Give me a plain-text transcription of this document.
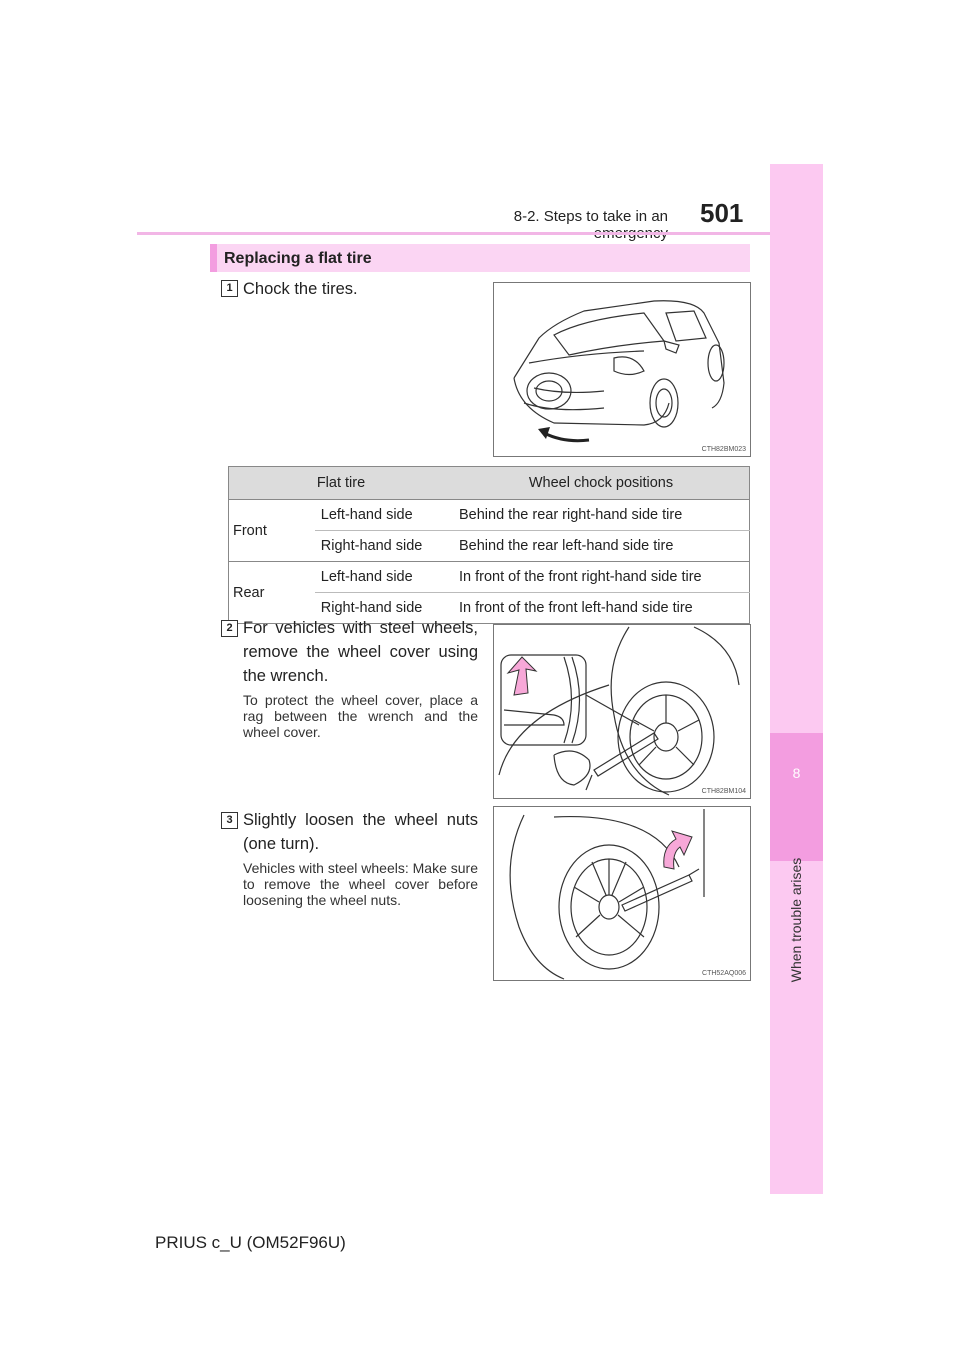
8-2. Steps to take in an 501
8
When trouble arises
Replacing a flat tire
1 Chock the tires.
CTH82BM023
Flat tire		Wheel chock positions
Front	Left-hand side	Behind the rear right-hand side tire
	Right-hand side	Behind the rear left-hand side tire
Rear	Left-hand side	In front of the front right-hand side tire
	Right-hand side	In front of the front left-hand side tire
2 For vehicles with steel wheels, remove the wheel cover using the wrench.
To protect the wheel cover, place a rag between the wrench and the wheel cover.
CTH82BM104
3 Slightly loosen the wheel nuts (one turn).
Vehicles with steel wheels: Make sure to remove the wheel cover before loosening the wheel nuts.
CTH52AQ006
PRIUS c_U (OM52F96U)
